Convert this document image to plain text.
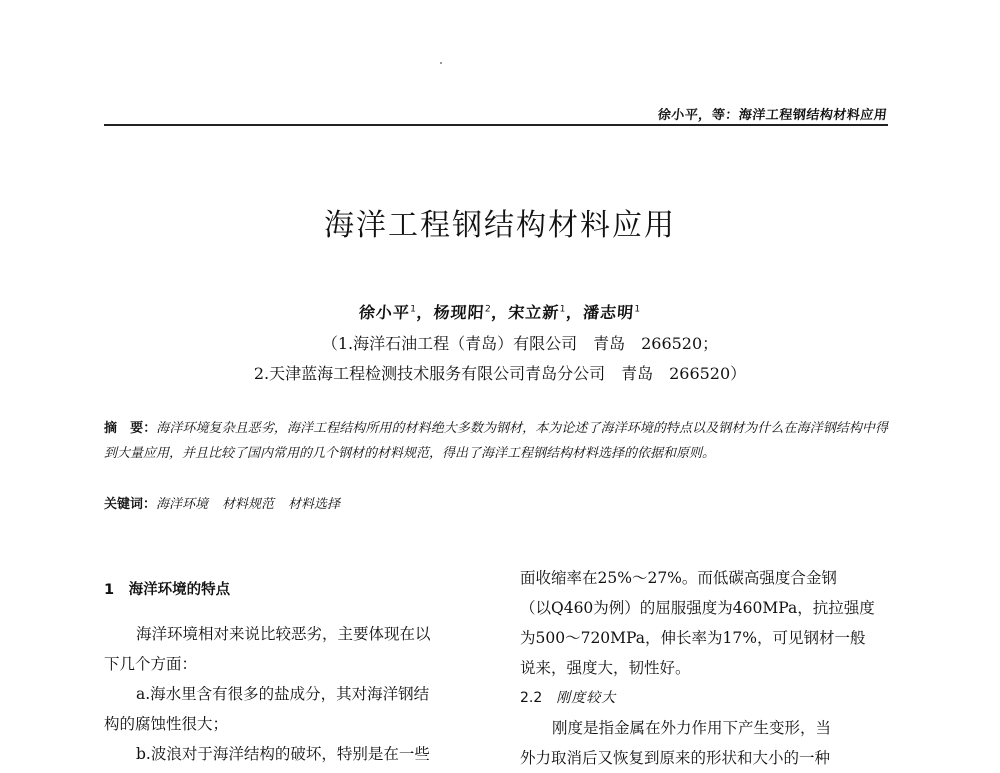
徐小平，等：海洋工程钢结构材料应用
海洋工程钢结构材料应用
徐小平$^1$，杨现阳$^2$，宋立新$^1$，潘志明$^1$
（1.海洋石油工程（青岛）有限公司　青岛　266520；
2.天津蓝海工程检测技术服务有限公司青岛分公司　青岛　266520）
摘　要：海洋环境复杂且恶劣，海洋工程结构所用的材料绝大多数为钢材，本为论述了海洋环境的特点以及钢材为什么在海洋钢结构中得到大量应用，并且比较了国内常用的几个钢材的材料规范，得出了海洋工程钢结构材料选择的依据和原则。
关键词：海洋环境 材料规范 材料选择
1　海洋环境的特点
海洋环境相对来说比较恶劣，主要体现在以
下几个方面：
a.海水里含有很多的盐成分，其对海洋钢结
构的腐蚀性很大；
b.波浪对于海洋结构的破坏，特别是在一些
面收缩率在25%～27%。而低碳高强度合金钢
（以Q460为例）的屈服强度为460MPa，抗拉强度
为500～720MPa，伸长率为17%，可见钢材一般
说来，强度大，韧性好。
2.2 刚度较大
刚度是指金属在外力作用下产生变形，当
外力取消后又恢复到原来的形状和大小的一种
